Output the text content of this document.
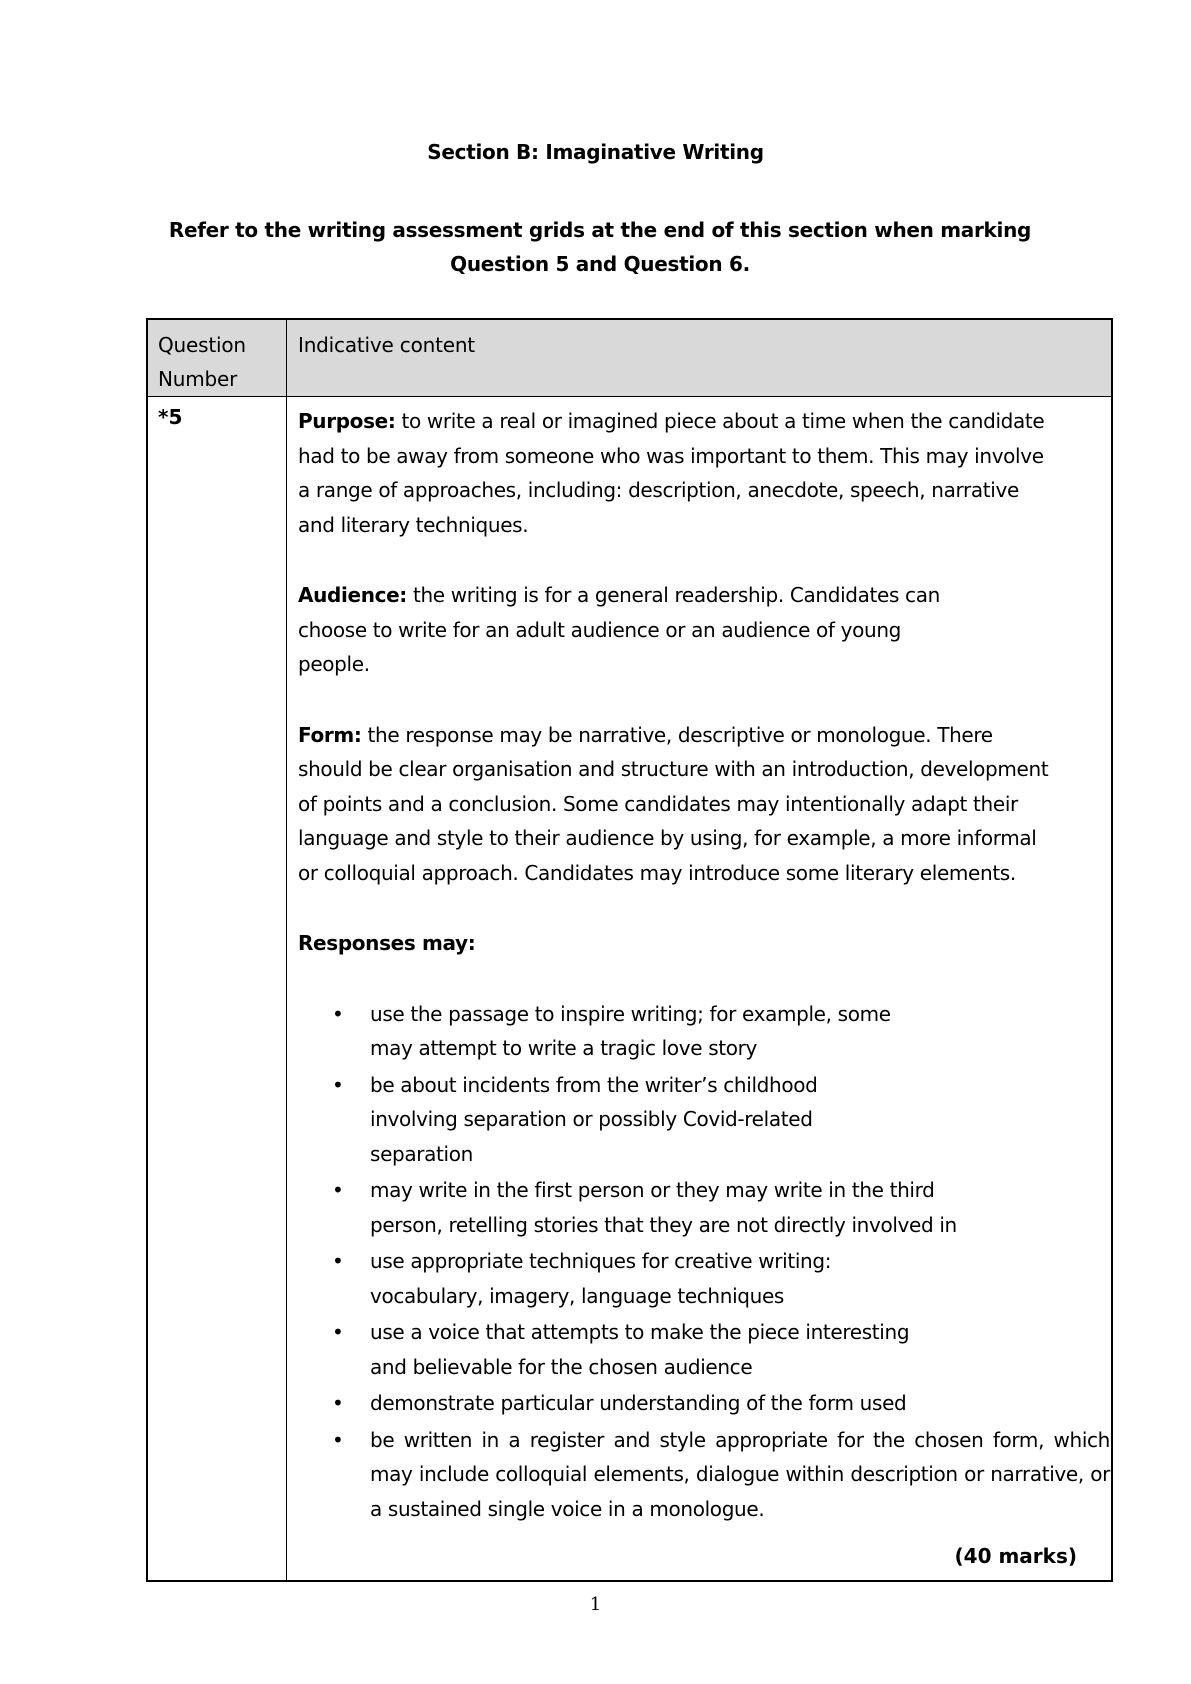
Section B: Imaginative Writing
Refer to the writing assessment grids at the end of this section when marking Question 5 and Question 6.
Question Number
Indicative content
*5	Purpose: to write a real or imagined piece about a time when the candidate had to be away from someone who was important to them. This may involve a range of approaches, including: description, anecdote, speech, narrative and literary techniques.

Audience: the writing is for a general readership. Candidates can choose to write for an adult audience or an audience of young people.

Form: the response may be narrative, descriptive or monologue. There should be clear organisation and structure with an introduction, development of points and a conclusion. Some candidates may intentionally adapt their language and style to their audience by using, for example, a more informal or colloquial approach. Candidates may introduce some literary elements.

Responses may:

• use the passage to inspire writing; for example, some may attempt to write a tragic love story
• be about incidents from the writer’s childhood involving separation or possibly Covid-related separation
• may write in the first person or they may write in the third person, retelling stories that they are not directly involved in
• use appropriate techniques for creative writing: vocabulary, imagery, language techniques
• use a voice that attempts to make the piece interesting and believable for the chosen audience
• demonstrate particular understanding of the form used
• be written in a register and style appropriate for the chosen form, which may include colloquial elements, dialogue within description or narrative, or a sustained single voice in a monologue.
(40 marks)
1
